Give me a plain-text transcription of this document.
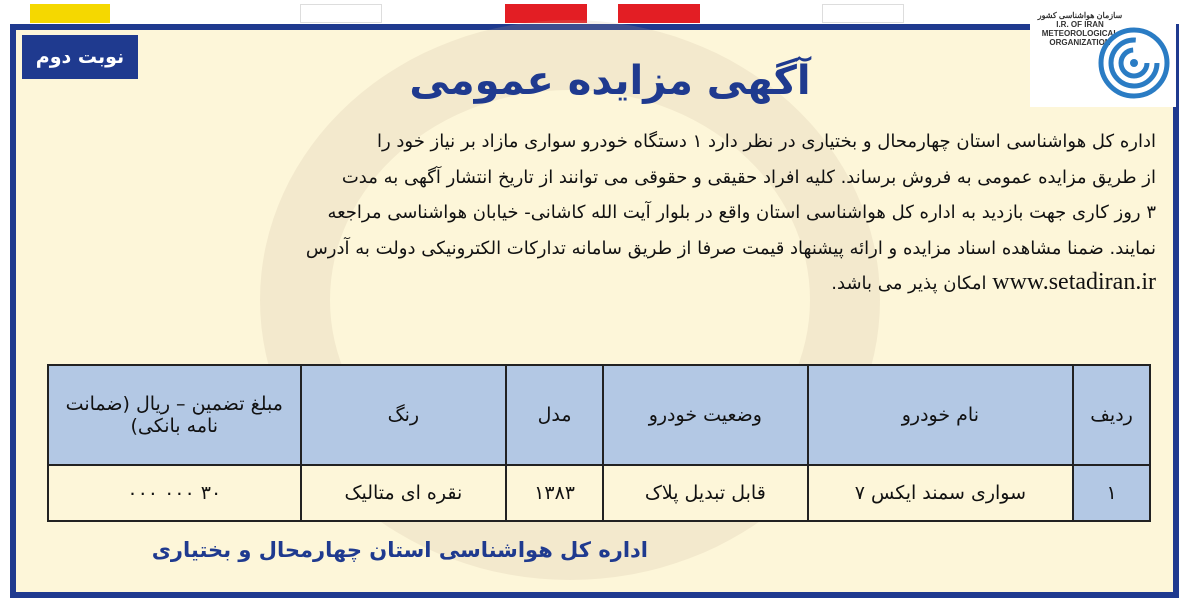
سازمان هواشناسی کشور
I.R. OF IRAN
METEOROLOGICAL
ORGANIZATION
نوبت دوم
آگهی مزایده عمومی

اداره کل هواشناسی استان چهارمحال و بختیاری در نظر دارد ۱ دستگاه خودرو سواری مازاد بر نیاز خود را

از طریق مزایده عمومی به فروش برساند. کلیه افراد حقیقی و حقوقی می توانند از تاریخ انتشار آگهی به مدت

۳ روز کاری جهت بازدید به اداره کل هواشناسی استان واقع در بلوار آیت الله کاشانی- خیابان هواشناسی مراجعه

نمایند. ضمنا مشاهده اسناد مزایده و ارائه پیشنهاد قیمت صرفا از طریق سامانه تدارکات الکترونیکی دولت به آدرس

www.setadiran.ir امکان پذیر می باشد.

ردیف	نام خودرو	وضعیت خودرو	مدل	رنگ	مبلغ تضمین – ریال (ضمانت نامه بانکی)
۱	سواری سمند ایکس ۷	قابل تبدیل پلاک	۱۳۸۳	نقره ای متالیک	۳۰ ۰۰۰ ۰۰۰
اداره کل هواشناسی استان چهارمحال و بختیاری
